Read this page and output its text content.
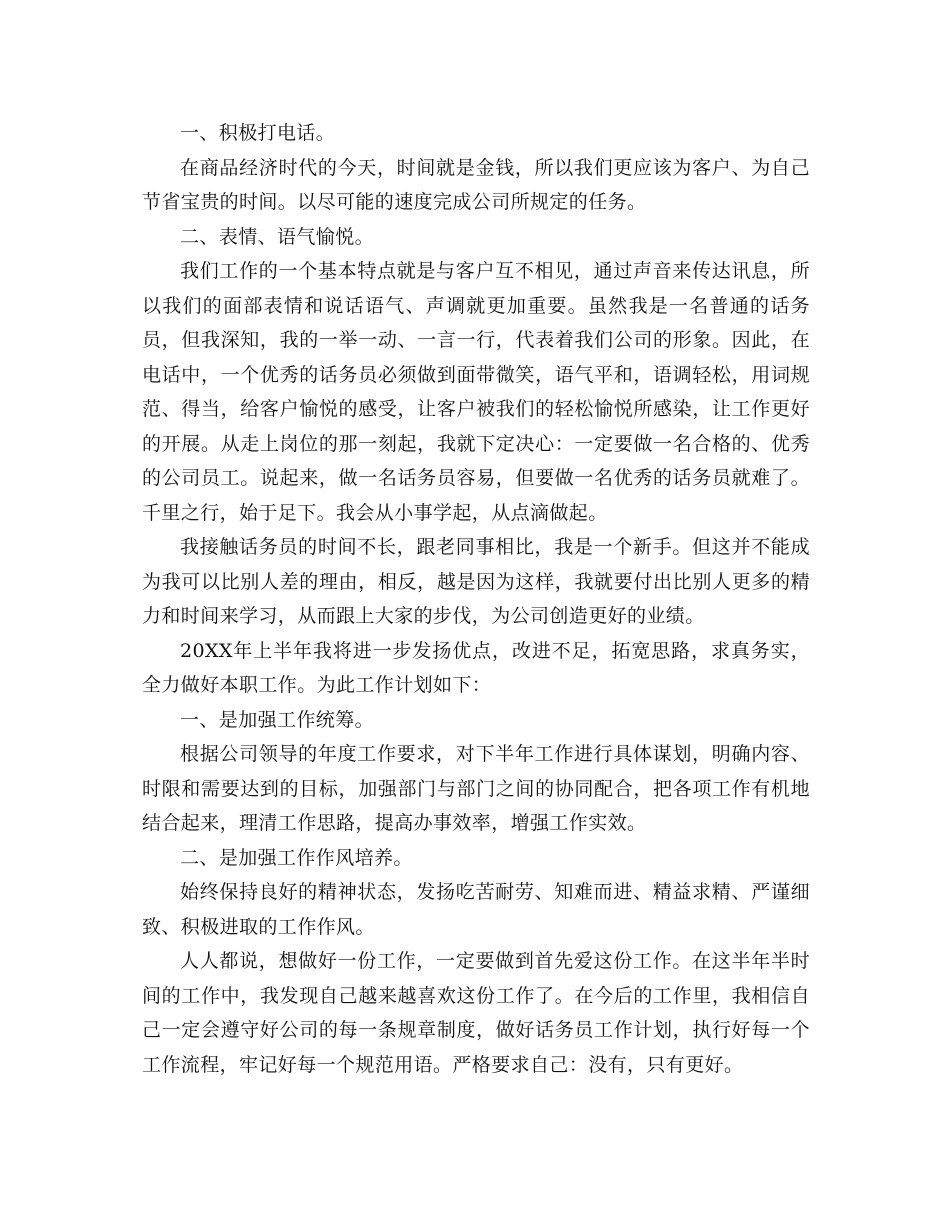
一、积极打电话。

在商品经济时代的今天，时间就是金钱，所以我们更应该为客户、为自己节省宝贵的时间。以尽可能的速度完成公司所规定的任务。

二、表情、语气愉悦。

我们工作的一个基本特点就是与客户互不相见，通过声音来传达讯息，所以我们的面部表情和说话语气、声调就更加重要。虽然我是一名普通的话务员，但我深知，我的一举一动、一言一行，代表着我们公司的形象。因此，在电话中，一个优秀的话务员必须做到面带微笑，语气平和，语调轻松，用词规范、得当，给客户愉悦的感受，让客户被我们的轻松愉悦所感染，让工作更好的开展。从走上岗位的那一刻起，我就下定决心：一定要做一名合格的、优秀的公司员工。说起来，做一名话务员容易，但要做一名优秀的话务员就难了。千里之行，始于足下。我会从小事学起，从点滴做起。

我接触话务员的时间不长，跟老同事相比，我是一个新手。但这并不能成为我可以比别人差的理由，相反，越是因为这样，我就要付出比别人更多的精力和时间来学习，从而跟上大家的步伐，为公司创造更好的业绩。

20XX年上半年我将进一步发扬优点，改进不足，拓宽思路，求真务实，全力做好本职工作。为此工作计划如下：

一、是加强工作统筹。

根据公司领导的年度工作要求，对下半年工作进行具体谋划，明确内容、时限和需要达到的目标，加强部门与部门之间的协同配合，把各项工作有机地结合起来，理清工作思路，提高办事效率，增强工作实效。

二、是加强工作作风培养。

始终保持良好的精神状态，发扬吃苦耐劳、知难而进、精益求精、严谨细致、积极进取的工作作风。

人人都说，想做好一份工作，一定要做到首先爱这份工作。在这半年半时间的工作中，我发现自己越来越喜欢这份工作了。在今后的工作里，我相信自己一定会遵守好公司的每一条规章制度，做好话务员工作计划，执行好每一个工作流程，牢记好每一个规范用语。严格要求自己：没有，只有更好。
